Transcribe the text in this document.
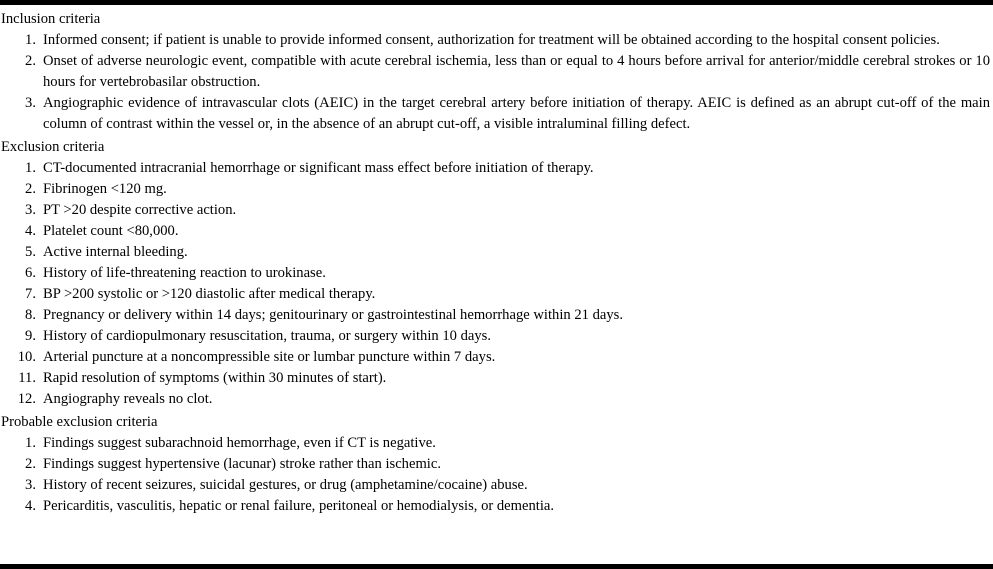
Inclusion criteria
1. Informed consent; if patient is unable to provide informed consent, authorization for treatment will be obtained according to the hospital consent policies.
2. Onset of adverse neurologic event, compatible with acute cerebral ischemia, less than or equal to 4 hours before arrival for anterior/middle cerebral strokes or 10 hours for vertebrobasilar obstruction.
3. Angiographic evidence of intravascular clots (AEIC) in the target cerebral artery before initiation of therapy. AEIC is defined as an abrupt cut-off of the main column of contrast within the vessel or, in the absence of an abrupt cut-off, a visible intraluminal filling defect.
Exclusion criteria
1. CT-documented intracranial hemorrhage or significant mass effect before initiation of therapy.
2. Fibrinogen <120 mg.
3. PT >20 despite corrective action.
4. Platelet count <80,000.
5. Active internal bleeding.
6. History of life-threatening reaction to urokinase.
7. BP >200 systolic or >120 diastolic after medical therapy.
8. Pregnancy or delivery within 14 days; genitourinary or gastrointestinal hemorrhage within 21 days.
9. History of cardiopulmonary resuscitation, trauma, or surgery within 10 days.
10. Arterial puncture at a noncompressible site or lumbar puncture within 7 days.
11. Rapid resolution of symptoms (within 30 minutes of start).
12. Angiography reveals no clot.
Probable exclusion criteria
1. Findings suggest subarachnoid hemorrhage, even if CT is negative.
2. Findings suggest hypertensive (lacunar) stroke rather than ischemic.
3. History of recent seizures, suicidal gestures, or drug (amphetamine/cocaine) abuse.
4. Pericarditis, vasculitis, hepatic or renal failure, peritoneal or hemodialysis, or dementia.
